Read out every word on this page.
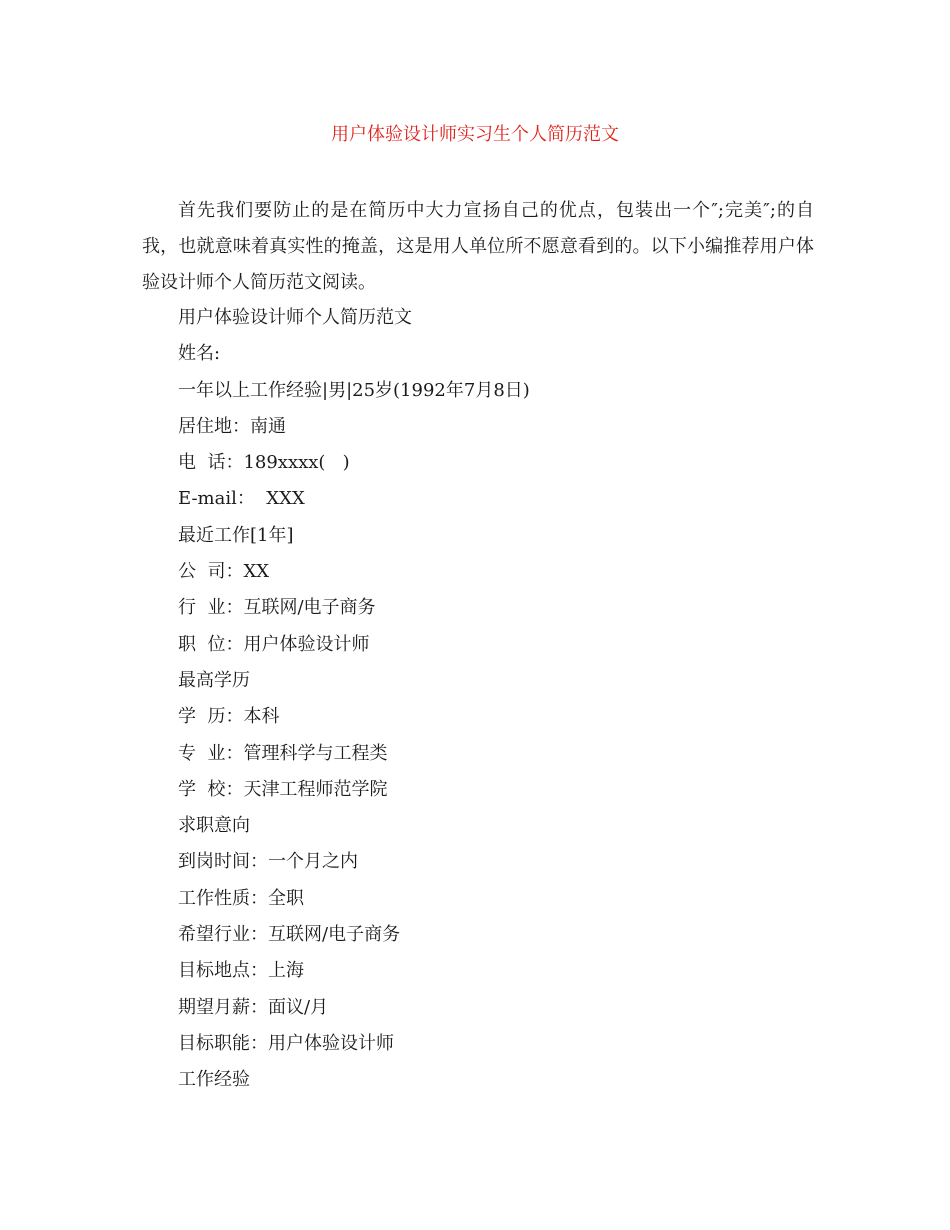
用户体验设计师实习生个人简历范文

首先我们要防止的是在简历中大力宣扬自己的优点，包装出一个″;完美″;的自我，也就意味着真实性的掩盖，这是用人单位所不愿意看到的。以下小编推荐用户体验设计师个人简历范文阅读。

用户体验设计师个人简历范文
姓名:
一年以上工作经验|男|25岁(1992年7月8日)
居住地：南通
电  话：189xxxx(   )
E-mail：  XXX
最近工作[1年]
公  司：XX
行  业：互联网/电子商务
职  位：用户体验设计师
最高学历
学  历：本科
专  业：管理科学与工程类
学  校：天津工程师范学院
求职意向
到岗时间：一个月之内
工作性质：全职
希望行业：互联网/电子商务
目标地点：上海
期望月薪：面议/月
目标职能：用户体验设计师
工作经验
